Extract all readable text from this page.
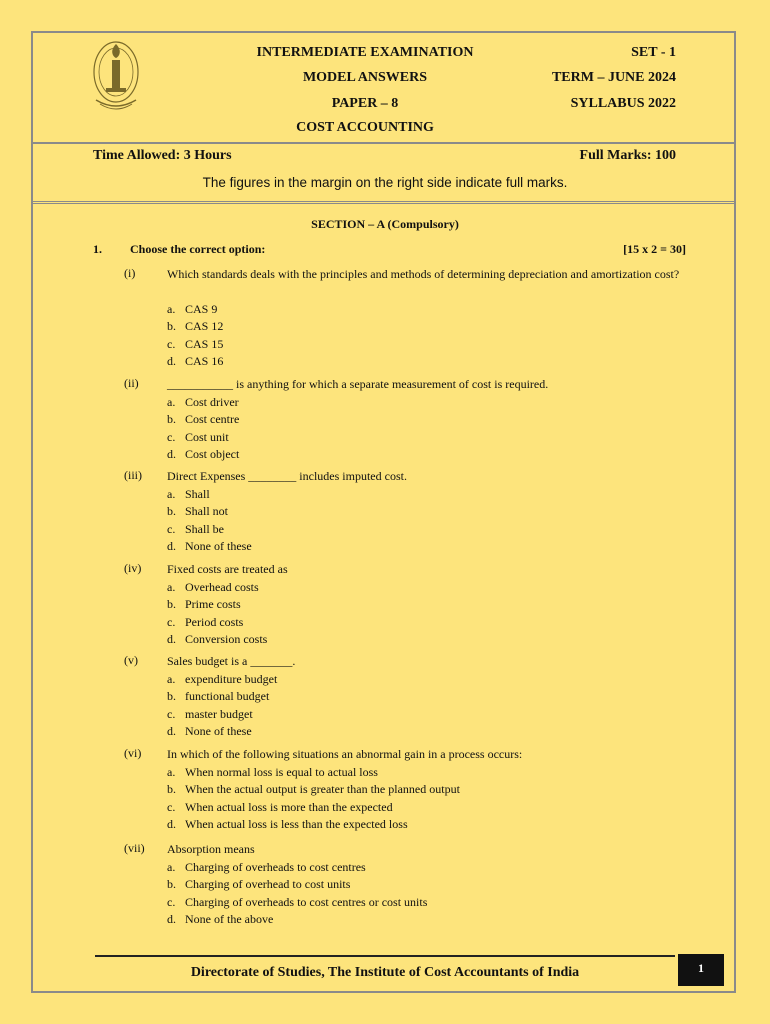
INTERMEDIATE EXAMINATION
MODEL ANSWERS
PAPER – 8
COST ACCOUNTING
SET - 1
TERM – JUNE 2024
SYLLABUS 2022
Time Allowed: 3 Hours	Full Marks: 100
The figures in the margin on the right side indicate full marks.
SECTION – A (Compulsory)
1. Choose the correct option:	[15 x 2 = 30]
(i)	Which standards deals with the principles and methods of determining depreciation and amortization cost?
a. CAS 9
b. CAS 12
c. CAS 15
d. CAS 16
(ii) ___________ is anything for which a separate measurement of cost is required.
a. Cost driver
b. Cost centre
c. Cost unit
d. Cost object
(iii) Direct Expenses ________ includes imputed cost.
a. Shall
b. Shall not
c. Shall be
d. None of these
(iv) Fixed costs are treated as
a. Overhead costs
b. Prime costs
c. Period costs
d. Conversion costs
(v) Sales budget is a _______.
a. expenditure budget
b. functional budget
c. master budget
d. None of these
(vi) In which of the following situations an abnormal gain in a process occurs:
a. When normal loss is equal to actual loss
b. When the actual output is greater than the planned output
c. When actual loss is more than the expected
d. When actual loss is less than the expected loss
(vii) Absorption means
a. Charging of overheads to cost centres
b. Charging of overhead to cost units
c. Charging of overheads to cost centres or cost units
d. None of the above
Directorate of Studies, The Institute of Cost Accountants of India	1
